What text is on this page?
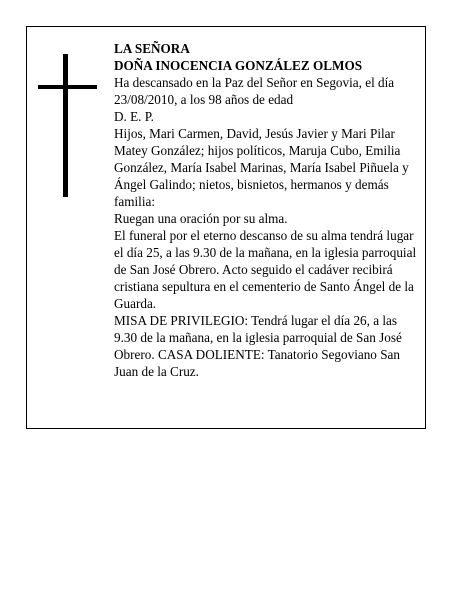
LA SEÑORA

DOÑA INOCENCIA GONZÁLEZ OLMOS

Ha descansado en la Paz del Señor en Segovia, el día 23/08/2010, a los 98 años de edad

D. E. P.

Hijos, Mari Carmen, David, Jesús Javier y Mari Pilar Matey González; hijos políticos, Maruja Cubo, Emilia González, María Isabel Marinas, María Isabel Piñuela y Ángel Galindo; nietos, bisnietos, hermanos y demás familia:

Ruegan una oración por su alma.

El funeral por el eterno descanso de su alma tendrá lugar el día 25, a las 9.30 de la mañana, en la iglesia parroquial de San José Obrero. Acto seguido el cadáver recibirá cristiana sepultura en el cementerio de Santo Ángel de la Guarda.

MISA DE PRIVILEGIO: Tendrá lugar el día 26, a las 9.30 de la mañana, en la iglesia parroquial de San José Obrero. CASA DOLIENTE: Tanatorio Segoviano San Juan de la Cruz.
